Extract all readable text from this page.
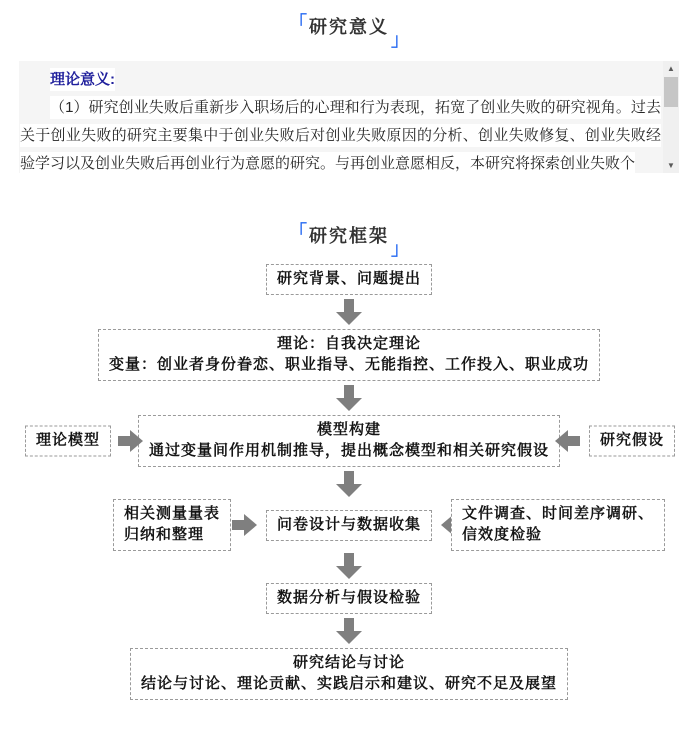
「 研究意义
」

理论意义:

（1）研究创业失败后重新步入职场后的心理和行为表现，拓宽了创业失败的研究视角。过去关于创业失败的研究主要集中于创业失败后对创业失败原因的分析、创业失败修复、创业失败经验学习以及创业失败后再创业行为意愿的研究。与再创业意愿相反，本研究将探索创业失败个

▲
▼
「 研究框架
」
研究背景、问题提出
理论：自我决定理论
变量：创业者身份眷恋、职业指导、无能指控、工作投入、职业成功
理论模型
模型构建
通过变量间作用机制推导，提出概念模型和相关研究假设
研究假设
相关测量量表
归纳和整理
问卷设计与数据收集
文件调查、时间差序调研、
信效度检验
数据分析与假设检验
研究结论与讨论
结论与讨论、理论贡献、实践启示和建议、研究不足及展望
